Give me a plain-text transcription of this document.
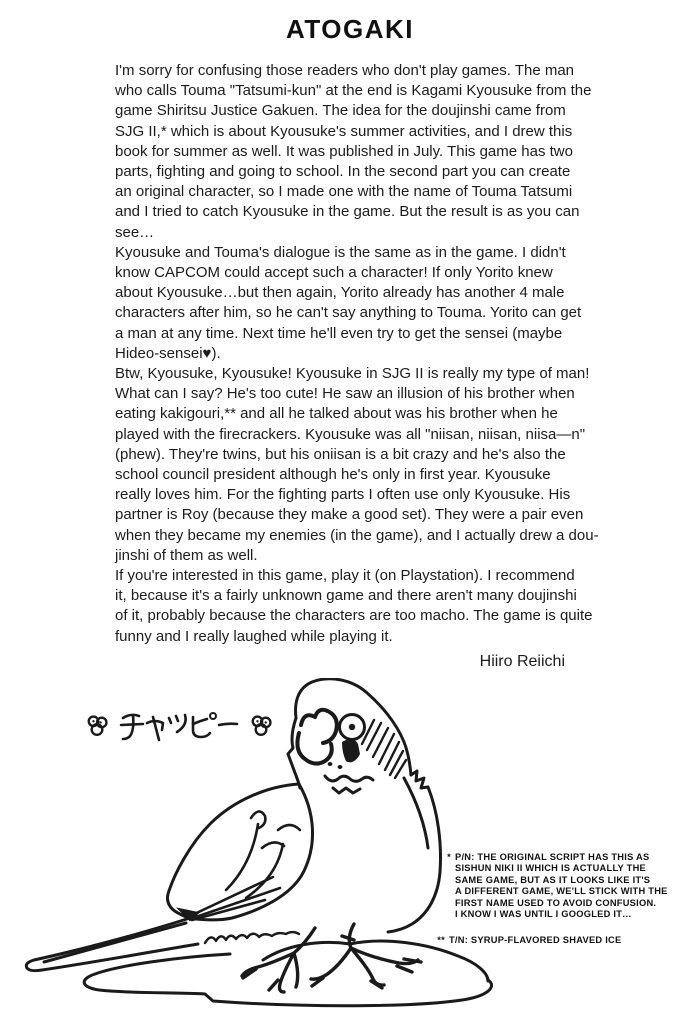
ATOGAKI
I'm sorry for confusing those readers who don't play games. The man
who calls Touma "Tatsumi-kun" at the end is Kagami Kyousuke from the
game Shiritsu Justice Gakuen. The idea for the doujinshi came from
SJG II,* which is about Kyousuke's summer activities, and I drew this
book for summer as well. It was published in July. This game has two
parts, fighting and going to school. In the second part you can create
an original character, so I made one with the name of Touma Tatsumi
and I tried to catch Kyousuke in the game. But the result is as you can
see…
Kyousuke and Touma's dialogue is the same as in the game. I didn't
know CAPCOM could accept such a character! If only Yorito knew
about Kyousuke…but then again, Yorito already has another 4 male
characters after him, so he can't say anything to Touma. Yorito can get
a man at any time. Next time he'll even try to get the sensei (maybe
Hideo-sensei♥).
Btw, Kyousuke, Kyousuke! Kyousuke in SJG II is really my type of man!
What can I say? He's too cute! He saw an illusion of his brother when
eating kakigouri,** and all he talked about was his brother when he
played with the firecrackers. Kyousuke was all "niisan, niisan, niisa—n"
(phew). They're twins, but his oniisan is a bit crazy and he's also the
school council president although he's only in first year. Kyousuke
really loves him. For the fighting parts I often use only Kyousuke. His
partner is Roy (because they make a good set). They were a pair even
when they became my enemies (in the game), and I actually drew a dou-
jinshi of them as well.
If you're interested in this game, play it (on Playstation). I recommend
it, because it's a fairly unknown game and there aren't many doujinshi
of it, probably because the characters are too macho. The game is quite
funny and I really laughed while playing it.
Hiiro Reiichi
* P/N: THE ORIGINAL SCRIPT HAS THIS AS
SISHUN NIKI II WHICH IS ACTUALLY THE
SAME GAME, BUT AS IT LOOKS LIKE IT'S
A DIFFERENT GAME, WE'LL STICK WITH THE
FIRST NAME USED TO AVOID CONFUSION.
I KNOW I WAS UNTIL I GOOGLED IT…
** T/N: SYRUP-FLAVORED SHAVED ICE
